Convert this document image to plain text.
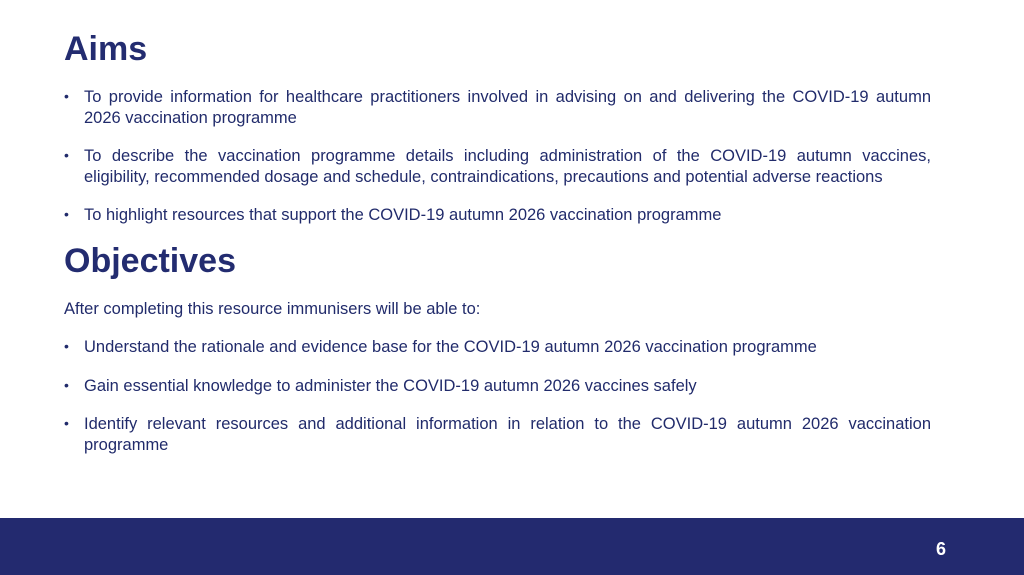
Aims
• To provide information for healthcare practitioners involved in advising on and delivering the COVID-19 autumn 2026 vaccination programme
• To describe the vaccination programme details including administration of the COVID-19 autumn vaccines, eligibility, recommended dosage and schedule, contraindications, precautions and potential adverse reactions
• To highlight resources that support the COVID-19 autumn 2026 vaccination programme
Objectives

After completing this resource immunisers will be able to:

• Understand the rationale and evidence base for the COVID-19 autumn 2026 vaccination programme
• Gain essential knowledge to administer the COVID-19 autumn 2026 vaccines safely
• Identify relevant resources and additional information in relation to the COVID-19 autumn 2026 vaccination programme
6
